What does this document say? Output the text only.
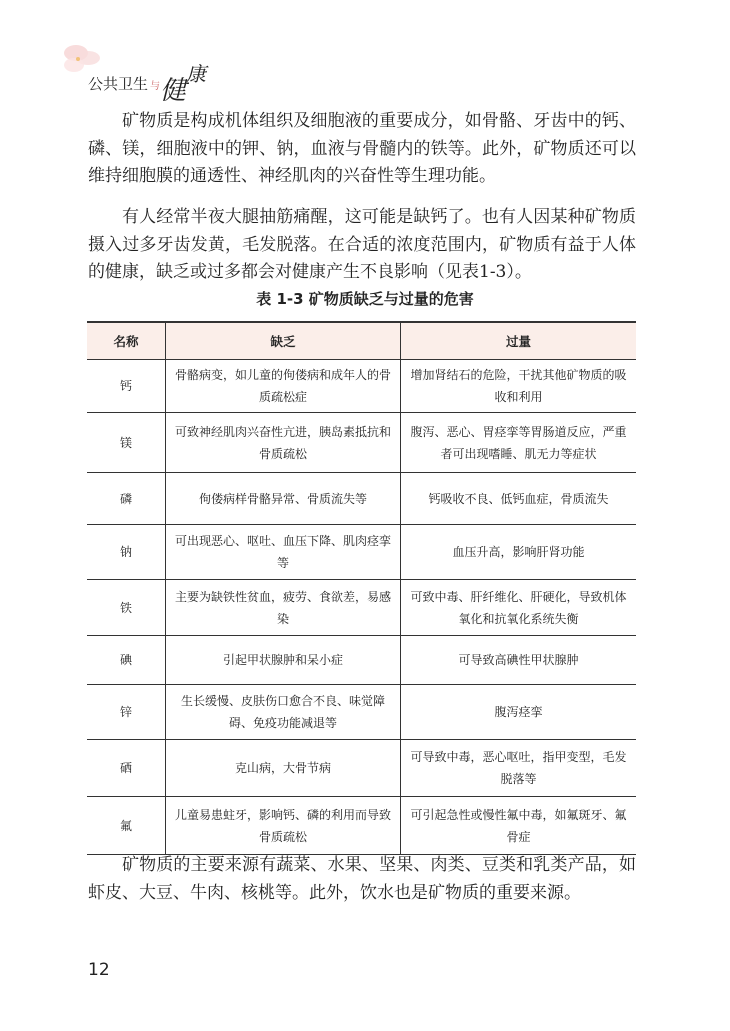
公共卫生 与健康

矿物质是构成机体组织及细胞液的重要成分，如骨骼、牙齿中的钙、磷、镁，细胞液中的钾、钠，血液与骨髓内的铁等。此外，矿物质还可以维持细胞膜的通透性、神经肌肉的兴奋性等生理功能。

有人经常半夜大腿抽筋痛醒，这可能是缺钙了。也有人因某种矿物质摄入过多牙齿发黄，毛发脱落。在合适的浓度范围内，矿物质有益于人体的健康，缺乏或过多都会对健康产生不良影响（见表1-3）。

表 1-3 矿物质缺乏与过量的危害
名称	缺乏	过量
钙	骨骼病变，如儿童的佝偻病和成年人的骨质疏松症	增加肾结石的危险，干扰其他矿物质的吸收和利用
镁	可致神经肌肉兴奋性亢进，胰岛素抵抗和骨质疏松	腹泻、恶心、胃痉挛等胃肠道反应，严重者可出现嗜睡、肌无力等症状
磷	佝偻病样骨骼异常、骨质流失等	钙吸收不良、低钙血症，骨质流失
钠	可出现恶心、呕吐、血压下降、肌肉痉挛等	血压升高，影响肝肾功能
铁	主要为缺铁性贫血，疲劳、食欲差，易感染	可致中毒、肝纤维化、肝硬化，导致机体氧化和抗氧化系统失衡
碘	引起甲状腺肿和呆小症	可导致高碘性甲状腺肿
锌	生长缓慢、皮肤伤口愈合不良、味觉障碍、免疫功能减退等	腹泻痉挛
硒	克山病，大骨节病	可导致中毒，恶心呕吐，指甲变型，毛发脱落等
氟	儿童易患蛀牙，影响钙、磷的利用而导致骨质疏松	可引起急性或慢性氟中毒，如氟斑牙、氟骨症

矿物质的主要来源有蔬菜、水果、坚果、肉类、豆类和乳类产品，如虾皮、大豆、牛肉、核桃等。此外，饮水也是矿物质的重要来源。

12
